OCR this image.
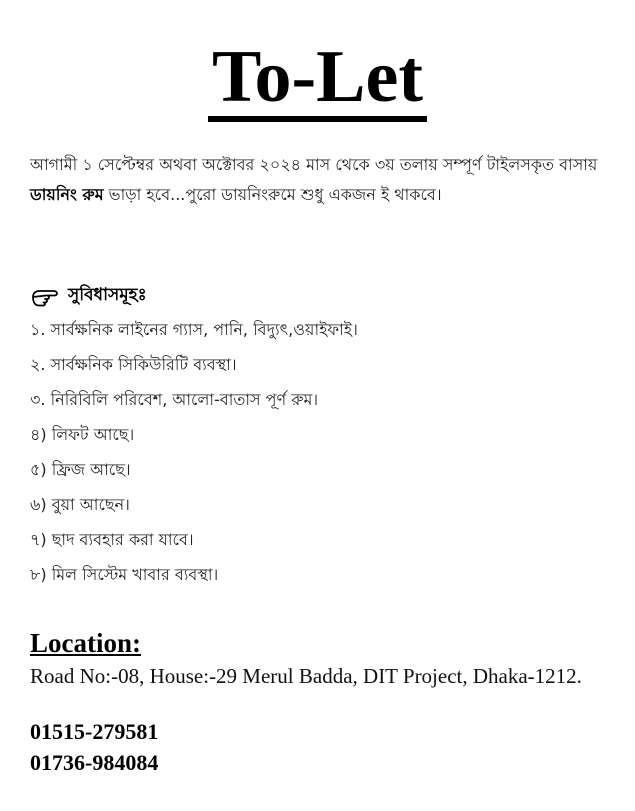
To-Let

আগামী ১ সেপ্টেম্বর অথবা অক্টোবর ২০২৪ মাস থেকে ৩য় তলায় সম্পূর্ণ টাইলসকৃত বাসায় ডায়নিং রুম ভাড়া হবে...পুরো ডায়নিংরুমে শুধু একজন ই থাকবে।

সুবিধাসমূহঃ
১. সার্বক্ষনিক লাইনের গ্যাস, পানি, বিদ্যুৎ,ওয়াইফাই।
২. সার্বক্ষনিক সিকিউরিটি ব্যবস্থা।
৩. নিরিবিলি পরিবেশ, আলো-বাতাস পূর্ণ রুম।
৪) লিফট আছে।
৫) ফ্রিজ আছে।
৬) বুয়া আছেন।
৭) ছাদ ব্যবহার করা যাবে।
৮) মিল সিস্টেম খাবার ব্যবস্থা।
Location:
Road No:-08, House:-29 Merul Badda, DIT Project, Dhaka-1212.
01515-279581
01736-984084
